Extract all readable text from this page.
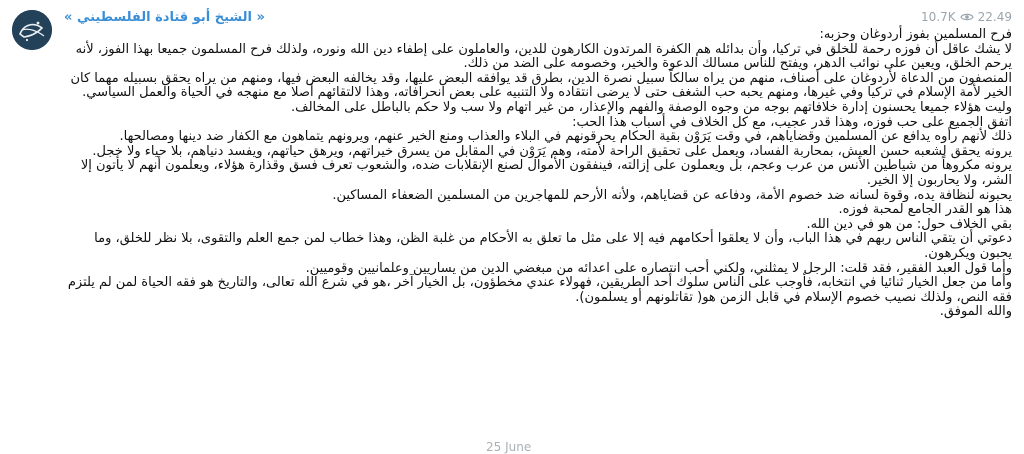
« الشيخ أبو قتادة الفلسطيني »	10.7K 22.49

فرح المسلمين بفوز أردوغان وحزبه:

لا يشك عاقل أن فوزه رحمة للخلق في تركيا، وأن بدائله هم الكفرة المرتدون الكارهون للدين، والعاملون على إطفاء دين الله ونوره، ولذلك فرح المسلمون جميعا بهذا الفوز، لأنه يرحم الخلق، ويعين على نوائب الدهر، ويفتح للناس مسالك الدعوة والخير، وخصومه على الضد من ذلك.

المنصفون من الدعاة لأردوغان على أصناف، منهم من يراه سالكاً سبيل نصرة الدين، بطرق قد يوافقه البعض عليها، وقد يخالفه البعض فيها، ومنهم من يراه يحقق بسبيله مهما كان الخير لأمة الإسلام في تركيا وفي غيرها، ومنهم يحبه حب الشغف حتى لا يرضى انتقاده ولا التنبيه على بعض انحرافاته، وهذا لالتقائهم أصلا مع منهجه في الحياة والعمل السياسي.

وليت هؤلاء جميعا يحسنون إدارة خلافاتهم بوجه من وجوه الوصفة والفهم والإعذار، من غير اتهام ولا سب ولا حكم بالباطل على المخالف.

اتفق الجميع على حب فوزه، وهذا قدر عجيب، مع كل الخلاف في أسباب هذا الحب:

ذلك لأنهم رأوه يدافع عن المسلمين وقضاياهم، في وقت يَرَوْن بقية الحكام يحرقونهم في البلاء والعذاب ومنع الخير عنهم، ويرونهم يتماهون مع الكفار ضد دينها ومصالحها.

يرونه يحقق لشعبه حسن العيش، بمحاربة الفساد، ويعمل على تحقيق الراحة لأمته، وهم يَرَوْن في المقابل من يسرق خيراتهم، ويرهق حياتهم، ويفسد دنياهم، بلا حياء ولا خجل.

يرونه مكروهاً من شياطين الأنس من عرب وعجم، بل ويعملون على إزالته، فينفقون الأموال لصنع الإنقلابات ضده، والشعوب تعرف فسق وقذارة هؤلاء، ويعلمون أنهم لا يأتون إلا الشر، ولا يحاربون إلا الخير.

يحبونه لنظافة يده، وقوة لسانه ضد خصوم الأمة، ودفاعه عن قضاياهم، ولأنه الأرحم للمهاجرين من المسلمين الضعفاء المساكين.

هذا هو القدر الجامع لمحبة فوزه.

بقي الخلاف حول: من هو في دين الله.

دعوتي أن يتقي الناس ربهم في هذا الباب، وأن لا يعلقوا أحكامهم فيه إلا على مثل ما تعلق به الأحكام من غلبة الظن، وهذا خطاب لمن جمع العلم والتقوى، بلا نظر للخلق، وما يحبون ويكرهون.

وأما قول العبد الفقير، فقد قلت: الرجل لا يمثلني، ولكني أحب انتصاره على اعدائه من مبغضي الدين من يساريين وعلمانيين وقوميين.

وأما من جعل الخيار ثنائيا في انتخابه، فأوجب على الناس سلوك أحد الطريقين، فهولاء عندي مخطؤون، بل الخيار آخر ،هو في شرع الله تعالى، والتاريخ هو فقه الحياة لمن لم يلتزم فقه النص، ولذلك نصيب خصوم الإسلام في قابل الزمن هو( تقاتلونهم أو يسلمون).

والله الموفق.

25 June
